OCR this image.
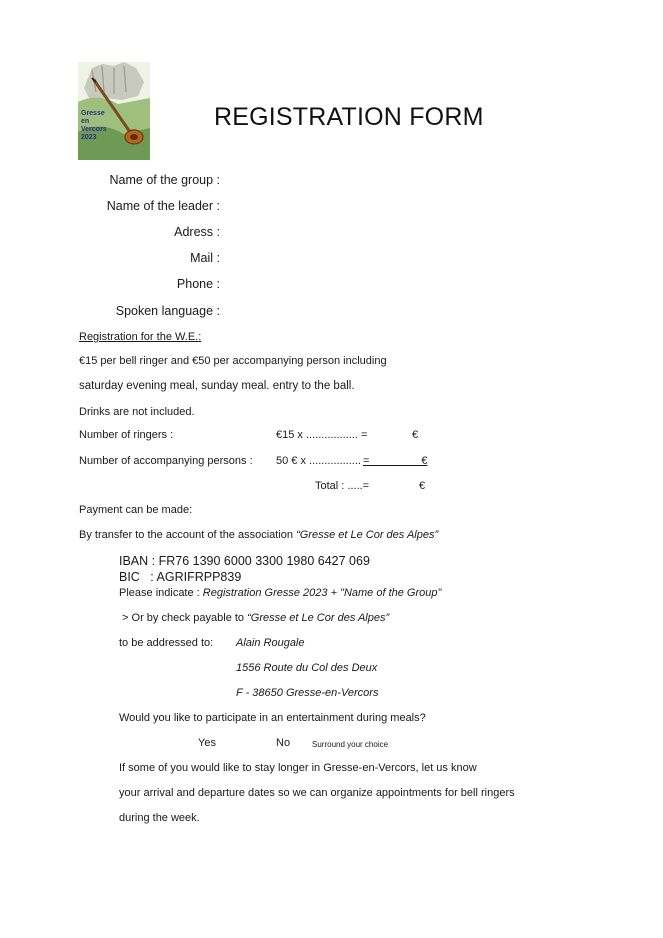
Gresse
en
Vercors
2023
REGISTRATION FORM
Name of the group :
Name of the leader :
Adress :
Mail :
Phone :
Spoken language :
Registration for the W.E.:
€15 per bell ringer and €50 per accompanying person including
saturday evening meal, sunday meal. entry to the ball.
Drinks are not included.
Number of ringers :	€15 x ................. =	€
Number of accompanying persons : 50 € x ................. =                 €
Total : .....=	€
Payment can be made:
By transfer to the account of the association “Gresse et Le Cor des Alpes”
IBAN : FR76 1390 6000 3300 1980 6427 069
BIC   : AGRIFRPP839
Please indicate : Registration Gresse 2023 + "Name of the Group"
> Or by check payable to “Gresse et Le Cor des Alpes”
to be addressed to: Alain Rougale
1556 Route du Col des Deux
F - 38650 Gresse-en-Vercors
Would you like to participate in an entertainment during meals?
Yes	No	Surround your choice
If some of you would like to stay longer in Gresse-en-Vercors, let us know
your arrival and departure dates so we can organize appointments for bell ringers
during the week.
